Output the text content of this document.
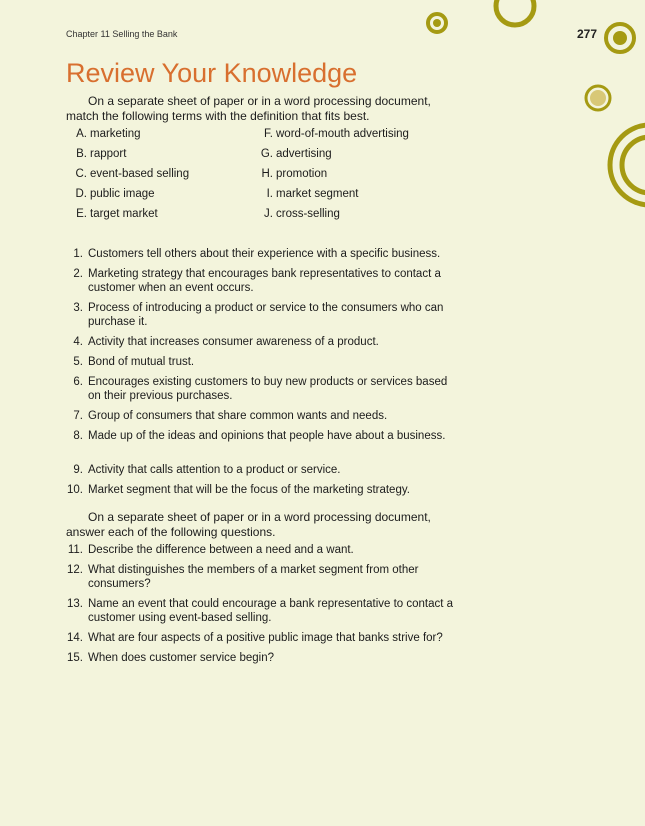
Chapter 11 Selling the Bank	277
Review Your Knowledge

On a separate sheet of paper or in a word processing document, match the following terms with the definition that fits best.

A. marketing	F. word-of-mouth advertising
B. rapport	G. advertising
C. event-based selling	H. promotion
D. public image	I. market segment
E. target market	J. cross-selling
1. Customers tell others about their experience with a specific business.
2. Marketing strategy that encourages bank representatives to contact a customer when an event occurs.
3. Process of introducing a product or service to the consumers who can purchase it.
4. Activity that increases consumer awareness of a product.
5. Bond of mutual trust.
6. Encourages existing customers to buy new products or services based on their previous purchases.
7. Group of consumers that share common wants and needs.
8. Made up of the ideas and opinions that people have about a business.
9. Activity that calls attention to a product or service.
10. Market segment that will be the focus of the marketing strategy.

On a separate sheet of paper or in a word processing document, answer each of the following questions.

11. Describe the difference between a need and a want.
12. What distinguishes the members of a market segment from other consumers?
13. Name an event that could encourage a bank representative to contact a customer using event-based selling.
14. What are four aspects of a positive public image that banks strive for?
15. When does customer service begin?
